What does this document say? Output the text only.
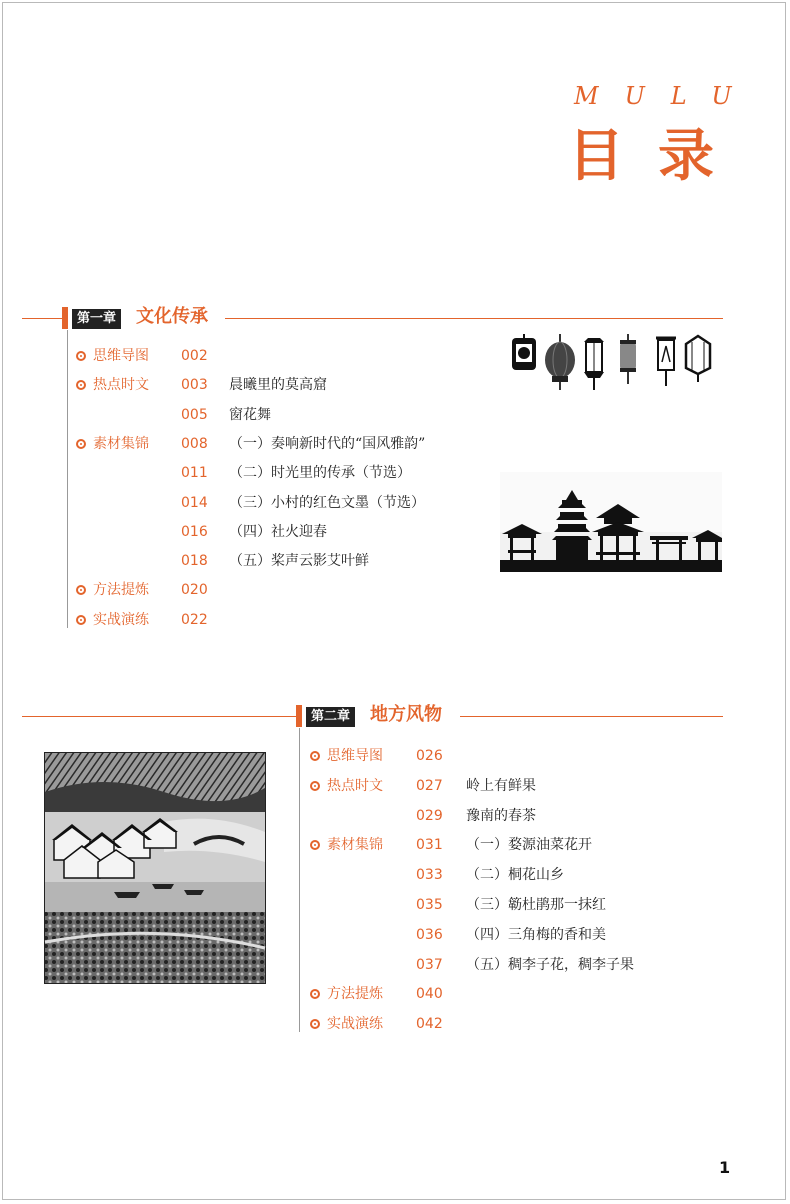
MULU
目录
第一章 文化传承
思维导图 002
热点时文 003 晨曦里的莫高窟
005 窗花舞
素材集锦 008 （一）奏响新时代的“国风雅韵”
011 （二）时光里的传承（节选）
014 （三）小村的红色文墨（节选）
016 （四）社火迎春
018 （五）桨声云影艾叶鲜
方法提炼 020
实战演练 022
第二章 地方风物
思维导图 026
热点时文 027 岭上有鲜果
029 豫南的春茶
素材集锦 031 （一）婺源油菜花开
033 （二）桐花山乡
035 （三）簕杜鹃那一抹红
036 （四）三角梅的香和美
037 （五）稠李子花，稠李子果
方法提炼 040
实战演练 042
1
